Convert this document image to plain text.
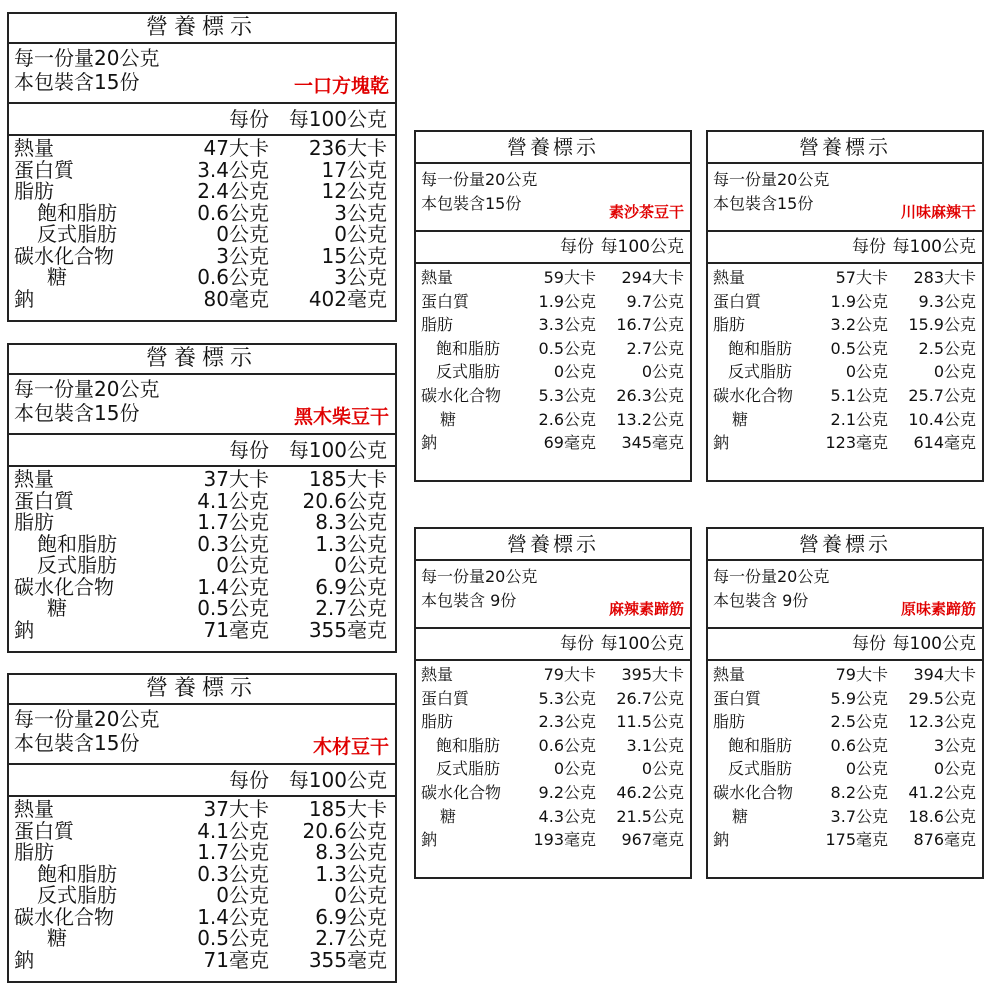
營養標示
每一份量20公克
本包裝含15份	一口方塊乾
每份 每100公克
熱量	47大卡	236大卡
蛋白質	3.4公克	17公克
脂肪	2.4公克	12公克
飽和脂肪	0.6公克	3公克
反式脂肪	0公克	0公克
碳水化合物	3公克	15公克
糖	0.6公克	3公克
鈉	80毫克	402毫克
營養標示
每一份量20公克
本包裝含15份	黑木柴豆干
每份 每100公克
熱量	37大卡	185大卡
蛋白質	4.1公克	20.6公克
脂肪	1.7公克	8.3公克
飽和脂肪	0.3公克	1.3公克
反式脂肪	0公克	0公克
碳水化合物	1.4公克	6.9公克
糖	0.5公克	2.7公克
鈉	71毫克	355毫克
營養標示
每一份量20公克
本包裝含15份	木材豆干
每份 每100公克
熱量	37大卡	185大卡
蛋白質	4.1公克	20.6公克
脂肪	1.7公克	8.3公克
飽和脂肪	0.3公克	1.3公克
反式脂肪	0公克	0公克
碳水化合物	1.4公克	6.9公克
糖	0.5公克	2.7公克
鈉	71毫克	355毫克
營養標示
每一份量20公克
本包裝含15份	素沙茶豆干
每份 每100公克
熱量	59大卡	294大卡
蛋白質	1.9公克	9.7公克
脂肪	3.3公克	16.7公克
飽和脂肪	0.5公克	2.7公克
反式脂肪	0公克	0公克
碳水化合物	5.3公克	26.3公克
糖	2.6公克	13.2公克
鈉	69毫克	345毫克
營養標示
每一份量20公克
本包裝含15份	川味麻辣干
每份 每100公克
熱量	57大卡	283大卡
蛋白質	1.9公克	9.3公克
脂肪	3.2公克	15.9公克
飽和脂肪	0.5公克	2.5公克
反式脂肪	0公克	0公克
碳水化合物	5.1公克	25.7公克
糖	2.1公克	10.4公克
鈉	123毫克	614毫克
營養標示
每一份量20公克
本包裝含 9份	麻辣素蹄筋
每份 每100公克
熱量	79大卡	395大卡
蛋白質	5.3公克	26.7公克
脂肪	2.3公克	11.5公克
飽和脂肪	0.6公克	3.1公克
反式脂肪	0公克	0公克
碳水化合物	9.2公克	46.2公克
糖	4.3公克	21.5公克
鈉	193毫克	967毫克
營養標示
每一份量20公克
本包裝含 9份	原味素蹄筋
每份 每100公克
熱量	79大卡	394大卡
蛋白質	5.9公克	29.5公克
脂肪	2.5公克	12.3公克
飽和脂肪	0.6公克	3公克
反式脂肪	0公克	0公克
碳水化合物	8.2公克	41.2公克
糖	3.7公克	18.6公克
鈉	175毫克	876毫克
